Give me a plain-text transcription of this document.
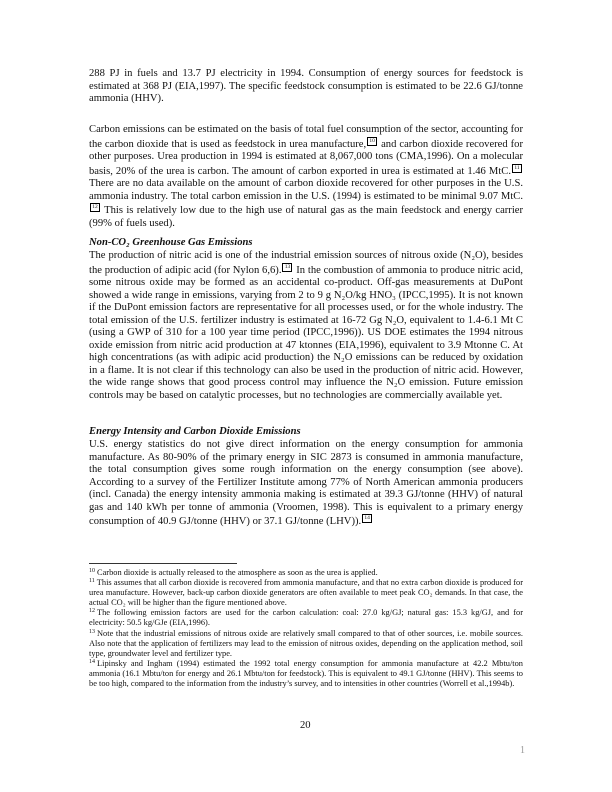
288 PJ in fuels and 13.7 PJ electricity in 1994. Consumption of energy sources for feedstock is estimated at 368 PJ (EIA,1997). The specific feedstock consumption is estimated to be 22.6 GJ/tonne ammonia (HHV).

Carbon emissions can be estimated on the basis of total fuel consumption of the sector, accounting for the carbon dioxide that is used as feedstock in urea manufacture, 10 and carbon dioxide recovered for other purposes. Urea production in 1994 is estimated at 8,067,000 tons (CMA,1996). On a molecular basis, 20% of the urea is carbon. The amount of carbon exported in urea is estimated at 1.46 MtC. 11 There are no data available on the amount of carbon dioxide recovered for other purposes in the U.S. ammonia industry. The total carbon emission in the U.S. (1994) is estimated to be minimal 9.07 MtC.12 This is relatively low due to the high use of natural gas as the main feedstock and energy carrier (99% of fuels used).

Non-CO₂ Greenhouse Gas Emissions

The production of nitric acid is one of the industrial emission sources of nitrous oxide (N₂O), besides the production of adipic acid (for Nylon 6,6). 13 In the combustion of ammonia to produce nitric acid, some nitrous oxide may be formed as an accidental co-product. Off-gas measurements at DuPont showed a wide range in emissions, varying from 2 to 9 g N₂O/kg HNO₃ (IPCC,1995). It is not known if the DuPont emission factors are representative for all processes used, or for the whole industry. The total emission of the U.S. fertilizer industry is estimated at 16-72 Gg N₂O, equivalent to 1.4-6.1 Mt C (using a GWP of 310 for a 100 year time period (IPCC,1996)). US DOE estimates the 1994 nitrous oxide emission from nitric acid production at 47 ktonnes (EIA,1996), equivalent to 3.9 Mtonne C. At high concentrations (as with adipic acid production) the N₂O emissions can be reduced by oxidation in a flame. It is not clear if this technology can also be used in the production of nitric acid. However, the wide range shows that good process control may influence the N₂O emission. Future emission controls may be based on catalytic processes, but no technologies are commercially available yet.

Energy Intensity and Carbon Dioxide Emissions

U.S. energy statistics do not give direct information on the energy consumption for ammonia manufacture. As 80-90% of the primary energy in SIC 2873 is consumed in ammonia manufacture, the total consumption gives some rough information on the energy consumption (see above). According to a survey of the Fertilizer Institute among 77% of North American ammonia producers (incl. Canada) the energy intensity ammonia making is estimated at 39.3 GJ/tonne (HHV) of natural gas and 140 kWh per tonne of ammonia (Vroomen, 1998). This is equivalent to a primary energy consumption of 40.9 GJ/tonne (HHV) or 37.1 GJ/tonne (LHV)). 14

$^{10}$ Carbon dioxide is actually released to the atmosphere as soon as the urea is applied.

$^{11}$ This assumes that all carbon dioxide is recovered from ammonia manufacture, and that no extra carbon dioxide is produced for urea manufacture. However, back-up carbon dioxide generators are often available to meet peak CO₂ demands. In that case, the actual CO₂ will be higher than the figure mentioned above.

$^{12}$ The following emission factors are used for the carbon calculation: coal: 27.0 kg/GJ; natural gas: 15.3 kg/GJ, and for electricity: 50.5 kg/GJe (EIA,1996).

$^{13}$ Note that the industrial emissions of nitrous oxide are relatively small compared to that of other sources, i.e. mobile sources. Also note that the application of fertilizers may lead to the emission of nitrous oxides, depending on the application method, soil type, groundwater level and fertilizer type.

$^{14}$ Lipinsky and Ingham (1994) estimated the 1992 total energy consumption for ammonia manufacture at 42.2 Mbtu/ton ammonia (16.1 Mbtu/ton for energy and 26.1 Mbtu/ton for feedstock). This is equivalent to 49.1 GJ/tonne (HHV). This seems to be too high, compared to the information from the industry’s survey, and to intensities in other countries (Worrell et al.,1994b).

20
1
